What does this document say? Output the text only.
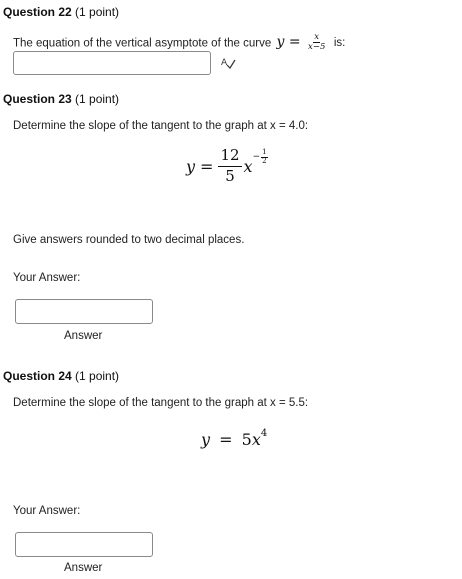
Question 22 (1 point)
The equation of the vertical asymptote of the curve $y = \frac{x}{x-5}$ is:
A
Question 23 (1 point)
Determine the slope of the tangent to the graph at x = 4.0:
$y = \frac{12}{5}$ $x - \frac{1}{2}$
Give answers rounded to two decimal places.
Your Answer:
Answer
Question 24 (1 point)
Determine the slope of the tangent to the graph at x = 5.5:
$y = 5x^4$
Your Answer:
Answer
